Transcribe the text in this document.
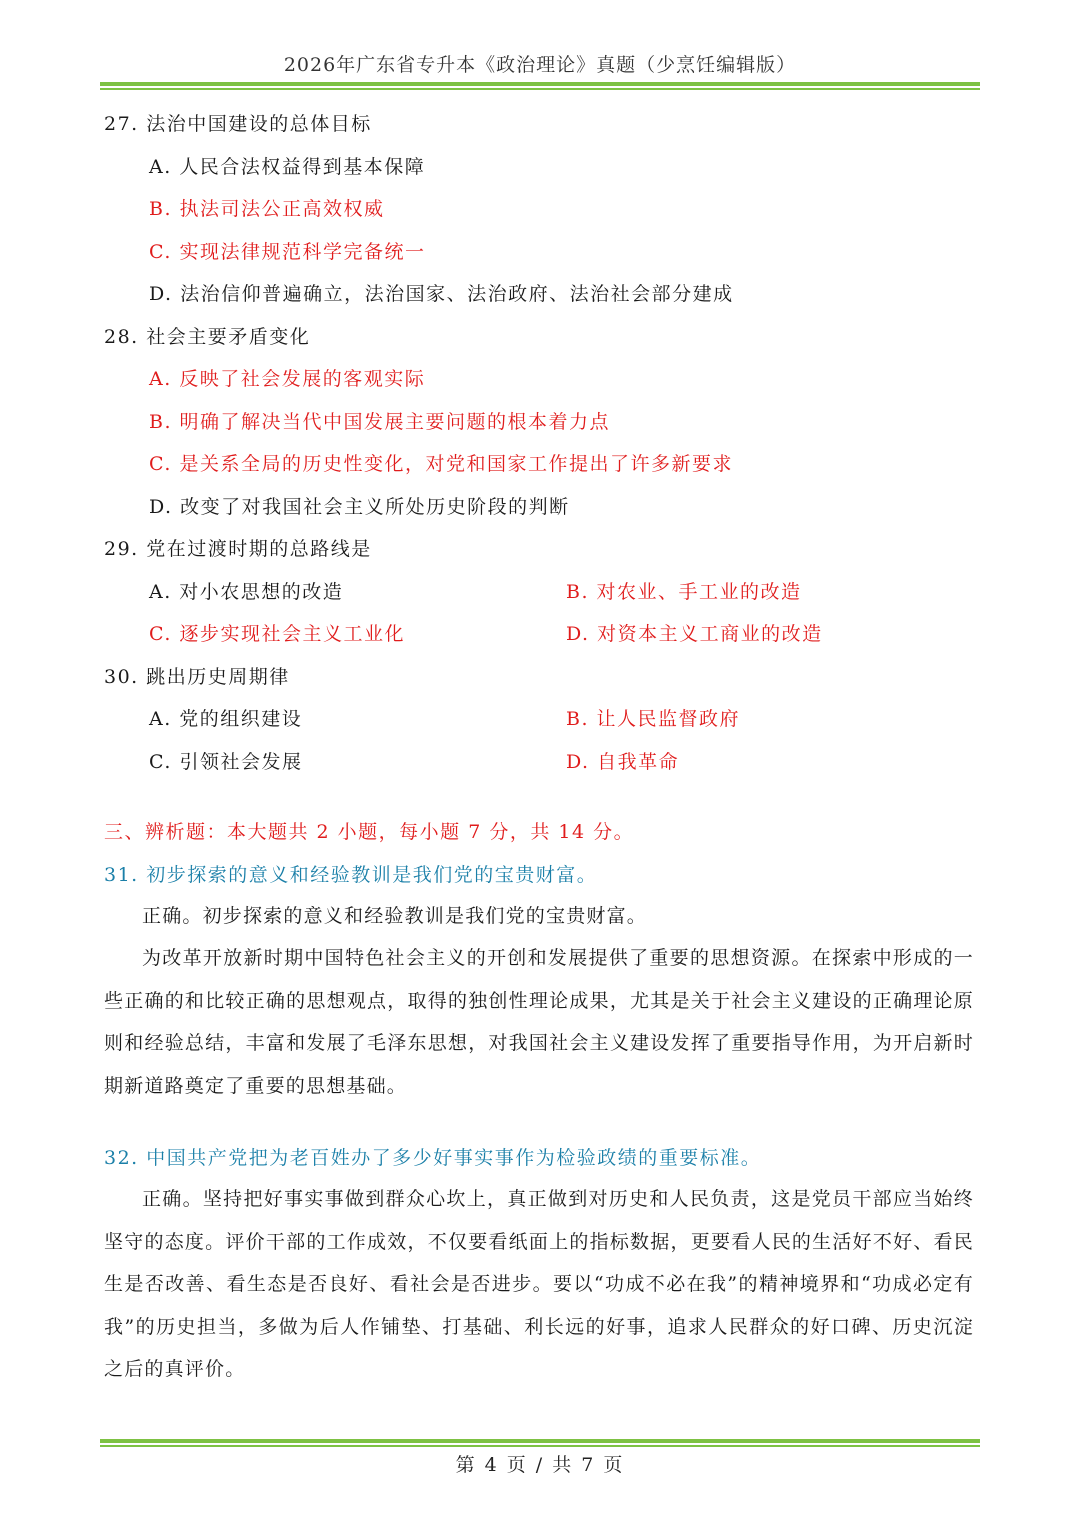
2026年广东省专升本《政治理论》真题（少烹饪编辑版）
27. 法治中国建设的总体目标
A. 人民合法权益得到基本保障
B. 执法司法公正高效权威
C. 实现法律规范科学完备统一
D. 法治信仰普遍确立，法治国家、法治政府、法治社会部分建成
28. 社会主要矛盾变化
A. 反映了社会发展的客观实际
B. 明确了解决当代中国发展主要问题的根本着力点
C. 是关系全局的历史性变化，对党和国家工作提出了许多新要求
D. 改变了对我国社会主义所处历史阶段的判断
29. 党在过渡时期的总路线是
A. 对小农思想的改造	B. 对农业、手工业的改造
C. 逐步实现社会主义工业化	D. 对资本主义工商业的改造
30. 跳出历史周期律
A. 党的组织建设	B. 让人民监督政府
C. 引领社会发展	D. 自我革命
三、辨析题：本大题共 2 小题，每小题 7 分，共 14 分。
31. 初步探索的意义和经验教训是我们党的宝贵财富。
正确。初步探索的意义和经验教训是我们党的宝贵财富。
为改革开放新时期中国特色社会主义的开创和发展提供了重要的思想资源。在探索中形成的一些正确的和比较正确的思想观点，取得的独创性理论成果，尤其是关于社会主义建设的正确理论原则和经验总结，丰富和发展了毛泽东思想，对我国社会主义建设发挥了重要指导作用，为开启新时期新道路奠定了重要的思想基础。
32. 中国共产党把为老百姓办了多少好事实事作为检验政绩的重要标准。
正确。坚持把好事实事做到群众心坎上，真正做到对历史和人民负责，这是党员干部应当始终坚守的态度。评价干部的工作成效，不仅要看纸面上的指标数据，更要看人民的生活好不好、看民生是否改善、看生态是否良好、看社会是否进步。要以“功成不必在我”的精神境界和“功成必定有我”的历史担当，多做为后人作铺垫、打基础、利长远的好事，追求人民群众的好口碑、历史沉淀之后的真评价。
第 4 页 / 共 7 页
